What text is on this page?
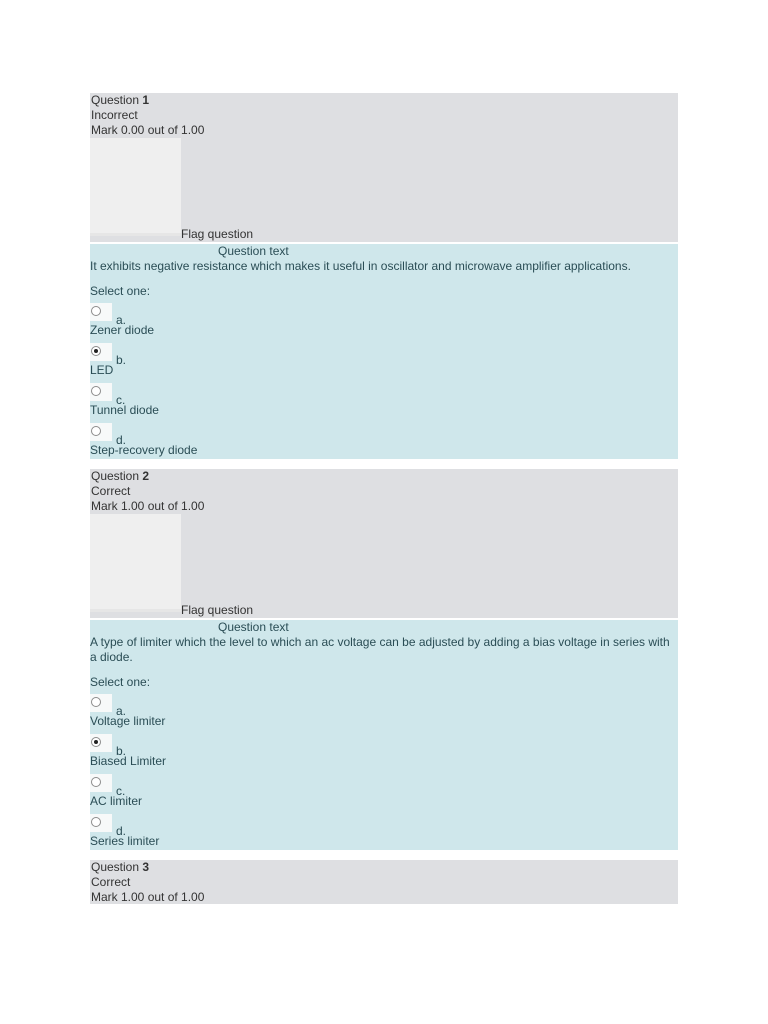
Question 1
Incorrect
Mark 0.00 out of 1.00
Flag question
Question text
It exhibits negative resistance which makes it useful in oscillator and microwave amplifier applications.
Select one:
a.
Zener diode
b.
LED
c.
Tunnel diode
d.
Step-recovery diode
Question 2
Correct
Mark 1.00 out of 1.00
Flag question
Question text
A type of limiter which the level to which an ac voltage can be adjusted by adding a bias voltage in series with a diode.
Select one:
a.
Voltage limiter
b.
Biased Limiter
c.
AC limiter
d.
Series limiter
Question 3
Correct
Mark 1.00 out of 1.00
